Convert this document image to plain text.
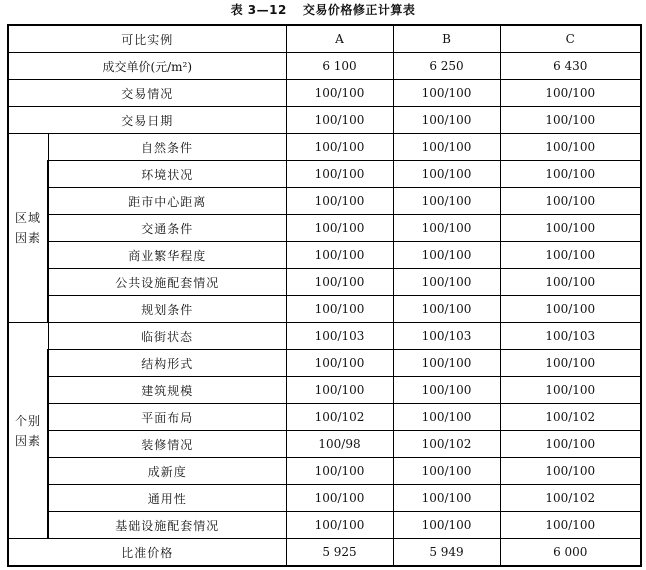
表 3—12 交易价格修正计算表
可比实例		A	B	C
成交单价(元/m²)		6 100	6 250	6 430
交易情况		100/100	100/100	100/100
交易日期		100/100	100/100	100/100

区域
因素	自然条件	100/100	100/100	100/100
	环境状况	100/100	100/100	100/100
	距市中心距离	100/100	100/100	100/100
	交通条件	100/100	100/100	100/100
	商业繁华程度	100/100	100/100	100/100
	公共设施配套情况	100/100	100/100	100/100
	规划条件	100/100	100/100	100/100

个别
因素	临街状态	100/103	100/103	100/103
	结构形式	100/100	100/100	100/100
	建筑规模	100/100	100/100	100/100
	平面布局	100/102	100/100	100/102
	装修情况	100/98	100/102	100/100
	成新度	100/100	100/100	100/100
	通用性	100/100	100/100	100/102
	基础设施配套情况	100/100	100/100	100/100
比准价格		5 925	5 949	6 000
